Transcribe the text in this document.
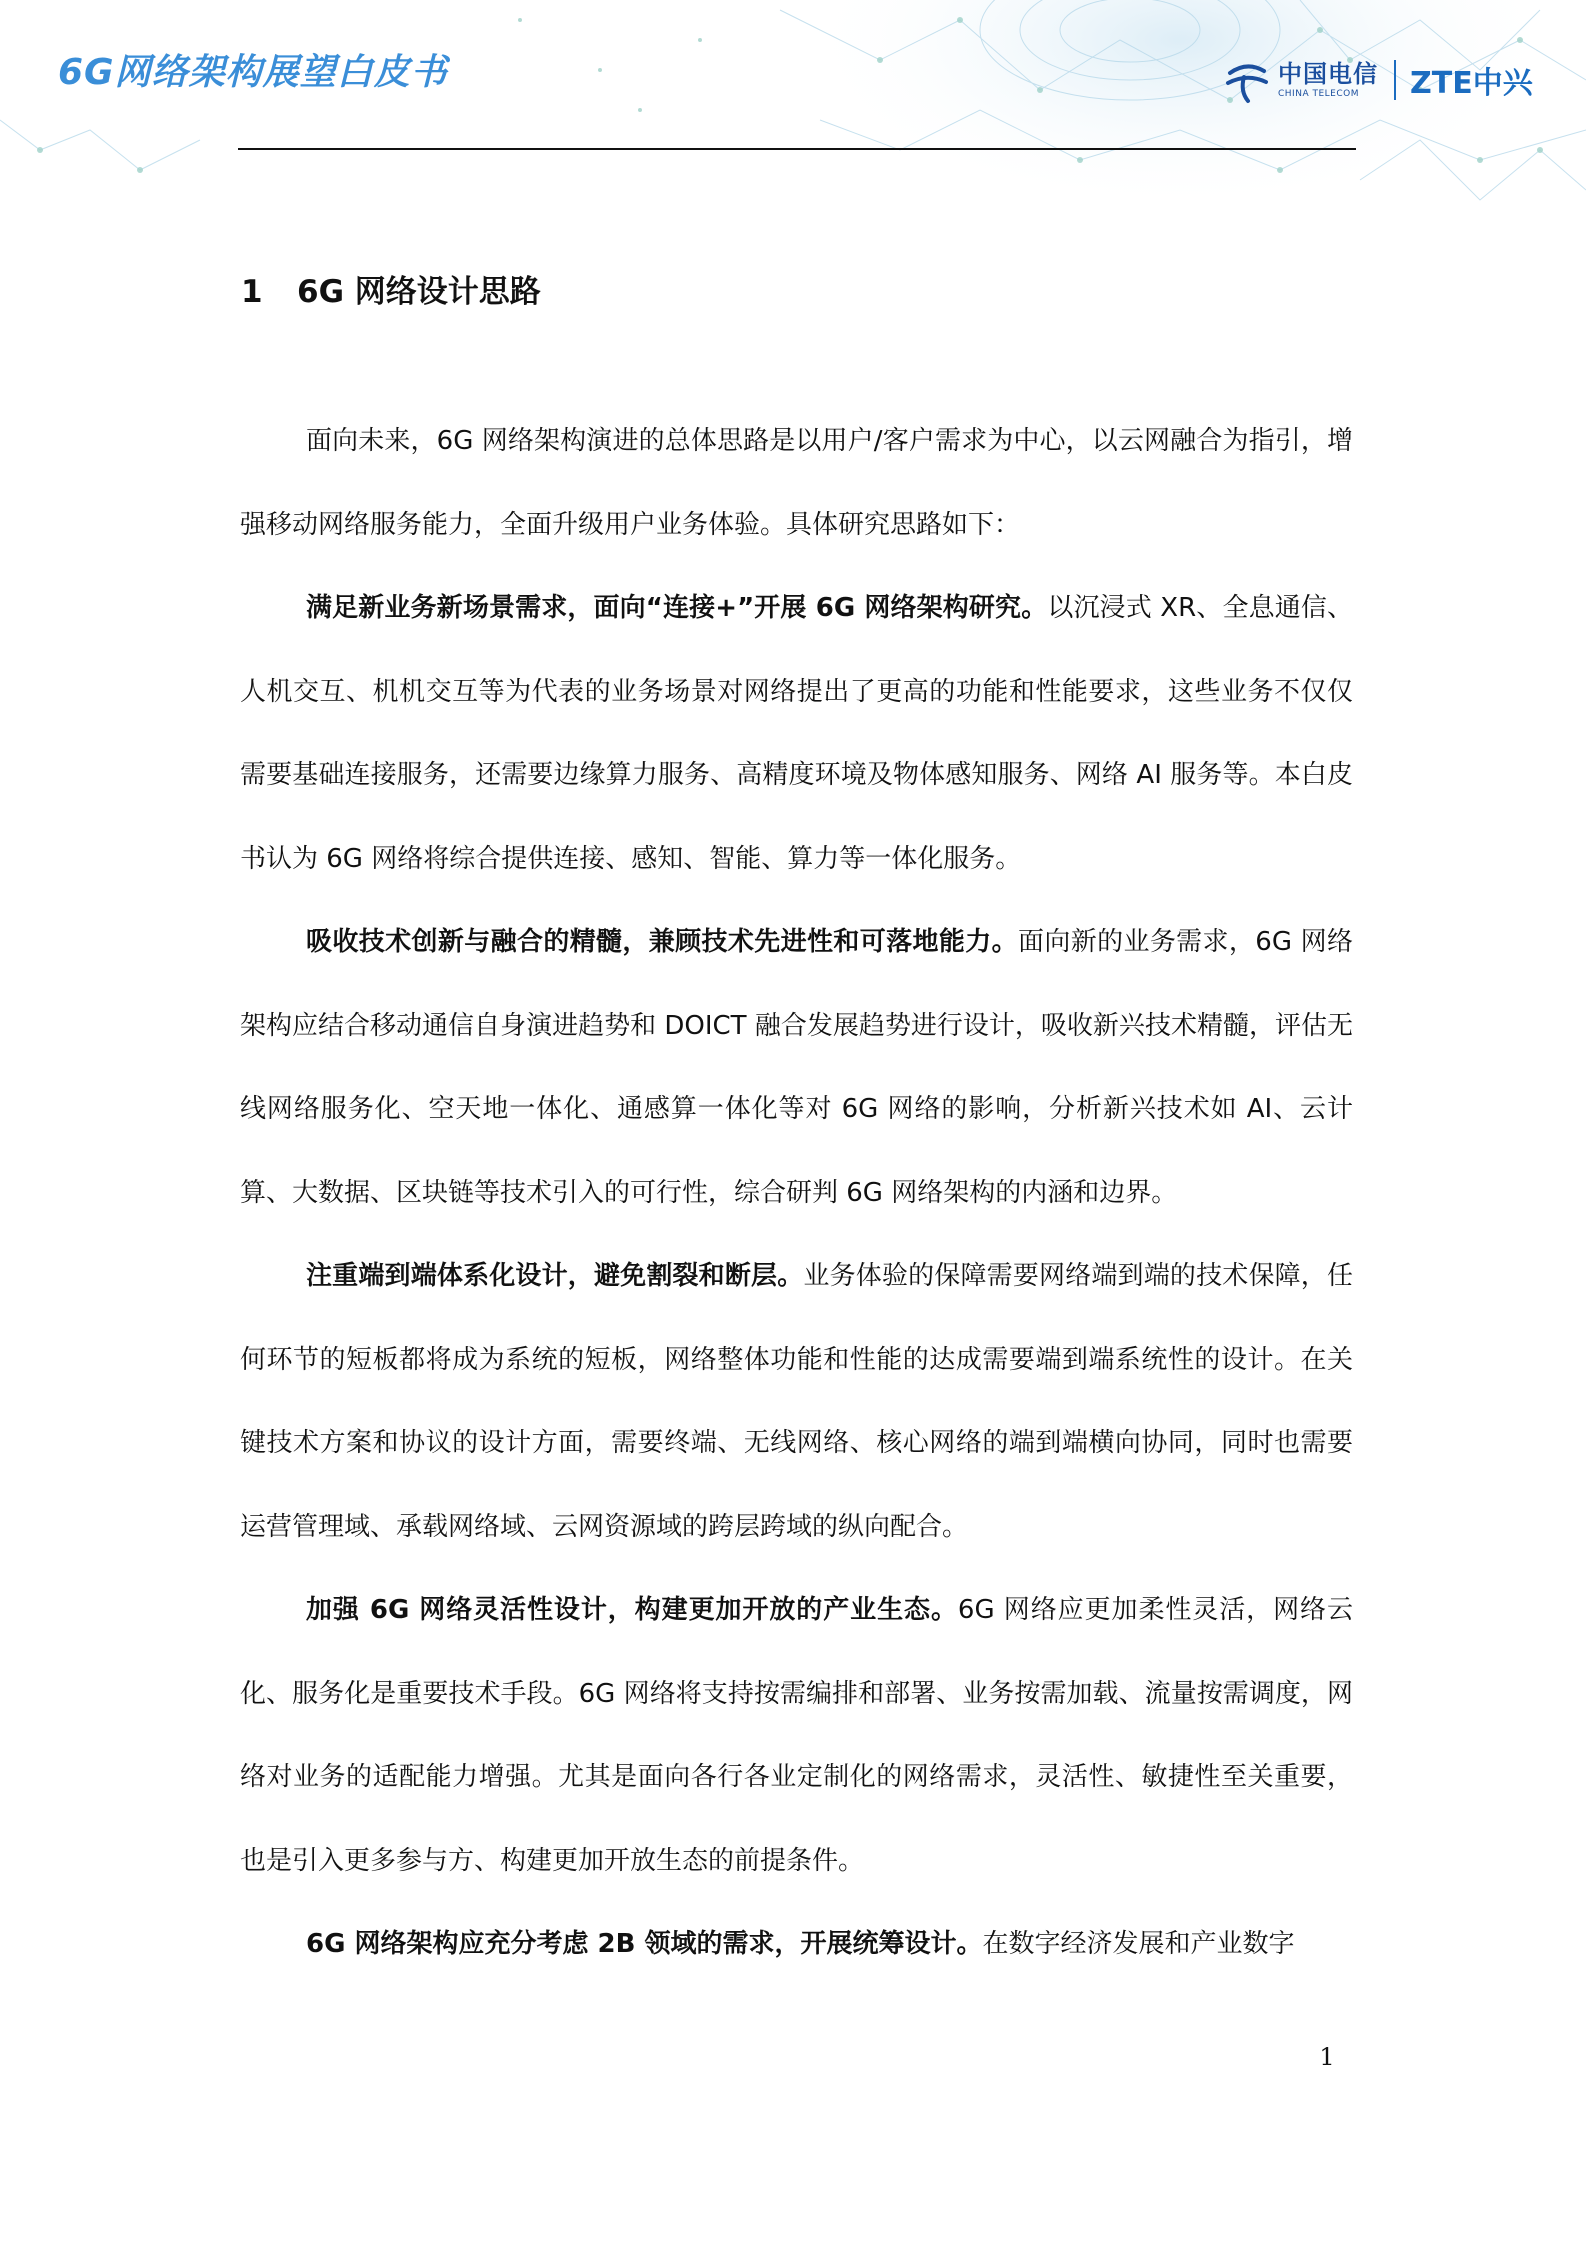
6G网络架构展望白皮书	中国电信
CHINA TELECOM	ZTE中兴
1 6G 网络设计思路

面向未来，6G 网络架构演进的总体思路是以用户/客户需求为中心，以云网融合为指引，增强移动网络服务能力，全面升级用户业务体验。具体研究思路如下：

满足新业务新场景需求，面向“连接+”开展 6G 网络架构研究。以沉浸式 XR、全息通信、人机交互、机机交互等为代表的业务场景对网络提出了更高的功能和性能要求，这些业务不仅仅需要基础连接服务，还需要边缘算力服务、高精度环境及物体感知服务、网络 AI 服务等。本白皮书认为 6G 网络将综合提供连接、感知、智能、算力等一体化服务。

吸收技术创新与融合的精髓，兼顾技术先进性和可落地能力。面向新的业务需求，6G 网络架构应结合移动通信自身演进趋势和 DOICT 融合发展趋势进行设计，吸收新兴技术精髓，评估无线网络服务化、空天地一体化、通感算一体化等对 6G 网络的影响，分析新兴技术如 AI、云计算、大数据、区块链等技术引入的可行性，综合研判 6G 网络架构的内涵和边界。

注重端到端体系化设计，避免割裂和断层。业务体验的保障需要网络端到端的技术保障，任何环节的短板都将成为系统的短板，网络整体功能和性能的达成需要端到端系统性的设计。在关键技术方案和协议的设计方面，需要终端、无线网络、核心网络的端到端横向协同，同时也需要运营管理域、承载网络域、云网资源域的跨层跨域的纵向配合。

加强 6G 网络灵活性设计，构建更加开放的产业生态。6G 网络应更加柔性灵活，网络云化、服务化是重要技术手段。6G 网络将支持按需编排和部署、业务按需加载、流量按需调度，网络对业务的适配能力增强。尤其是面向各行各业定制化的网络需求，灵活性、敏捷性至关重要，也是引入更多参与方、构建更加开放生态的前提条件。

6G 网络架构应充分考虑 2B 领域的需求，开展统筹设计。在数字经济发展和产业数字

1
